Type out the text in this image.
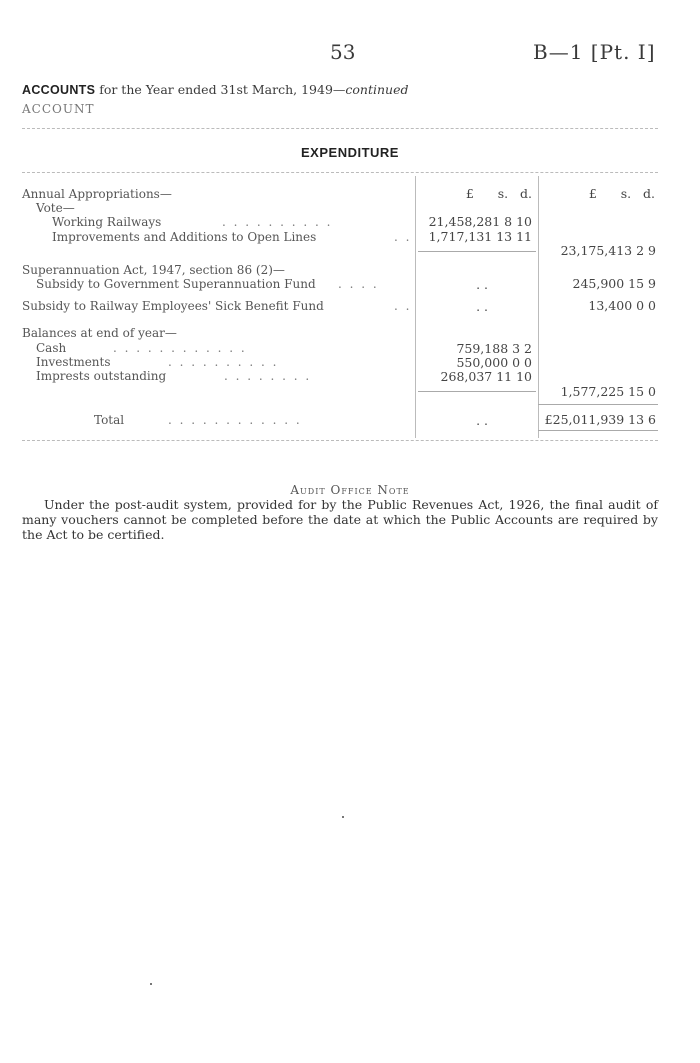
53	B—1 [Pt. I]
ACCOUNTS for the Year ended 31st March, 1949—continued
ACCOUNT
EXPENDITURE
£ s. d.	£ s. d.
Annual Appropriations—
Vote—
Working Railways	. . . . . . . . . .	21,458,281 8 10
Improvements and Additions to Open Lines	. .	1,717,131 13 11
23,175,413 2 9
Superannuation Act, 1947, section 86 (2)—
Subsidy to Government Superannuation Fund . . . .	. .	245,900 15 9
Subsidy to Railway Employees' Sick Benefit Fund	. .	. .	13,400 0 0
Balances at end of year—
Cash	. . . . . . . . . . . .	759,188 3 2
Investments	. . . . . . . . . .	550,000 0 0
Imprests outstanding	. . . . . . . .	268,037 11 10
1,577,225 15 0
Total	. . . . . . . . . . . .	. .	£25,011,939 13 6
Audit Office Note
Under the post-audit system, provided for by the Public Revenues Act, 1926, the final audit of many vouchers cannot be completed before the date at which the Public Accounts are required by the Act to be certified.
